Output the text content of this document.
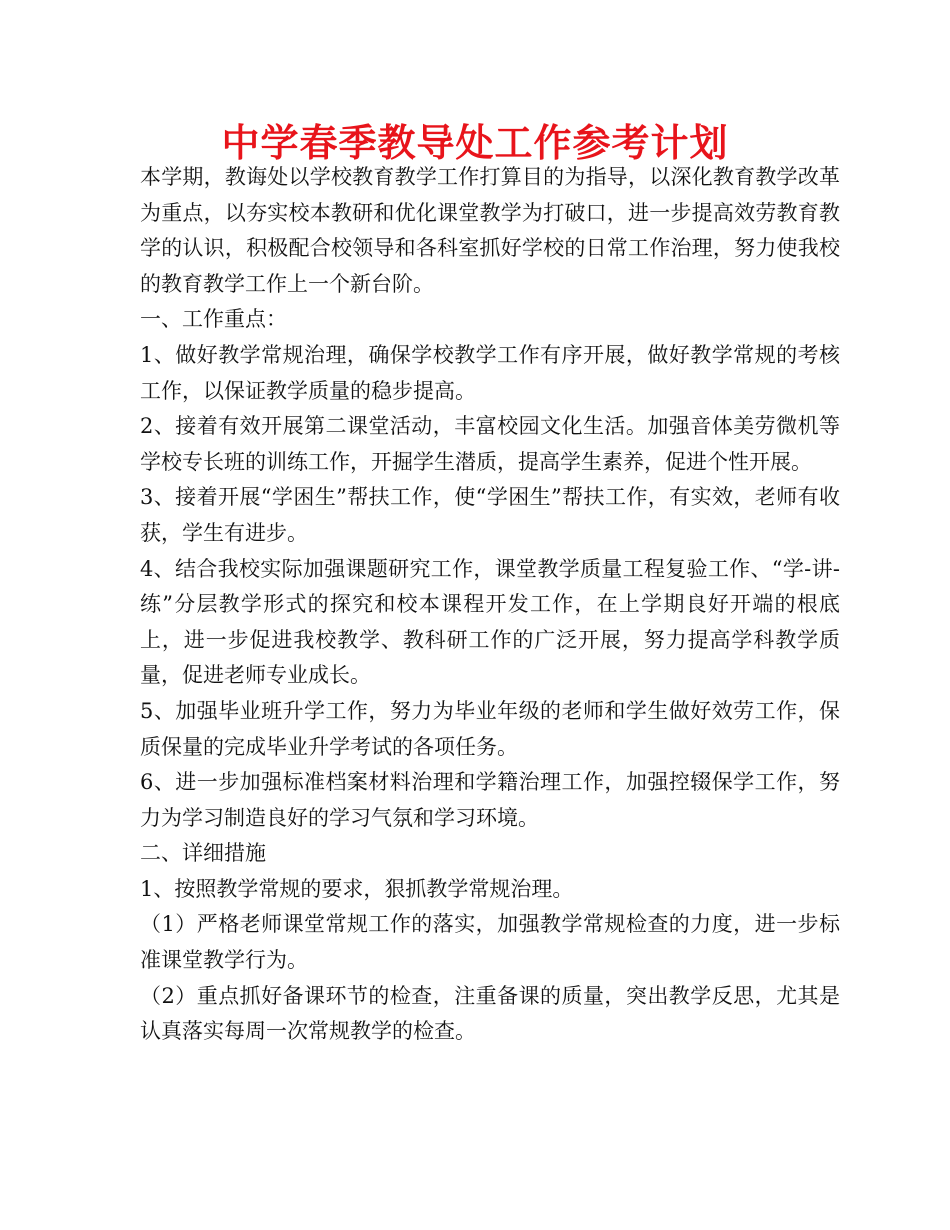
中学春季教导处工作参考计划

本学期，教诲处以学校教育教学工作打算目的为指导，以深化教育教学改革为重点，以夯实校本教研和优化课堂教学为打破口，进一步提高效劳教育教学的认识，积极配合校领导和各科室抓好学校的日常工作治理，努力使我校的教育教学工作上一个新台阶。

一、工作重点：

1、做好教学常规治理，确保学校教学工作有序开展，做好教学常规的考核工作，以保证教学质量的稳步提高。

2、接着有效开展第二课堂活动，丰富校园文化生活。加强音体美劳微机等学校专长班的训练工作，开掘学生潜质，提高学生素养，促进个性开展。

3、接着开展“学困生”帮扶工作，使“学困生”帮扶工作，有实效，老师有收获，学生有进步。

4、结合我校实际加强课题研究工作，课堂教学质量工程复验工作、“学-讲-练”分层教学形式的探究和校本课程开发工作，在上学期良好开端的根底上，进一步促进我校教学、教科研工作的广泛开展，努力提高学科教学质量，促进老师专业成长。

5、加强毕业班升学工作，努力为毕业年级的老师和学生做好效劳工作，保质保量的完成毕业升学考试的各项任务。

6、进一步加强标准档案材料治理和学籍治理工作，加强控辍保学工作，努力为学习制造良好的学习气氛和学习环境。

二、详细措施

1、按照教学常规的要求，狠抓教学常规治理。

（1）严格老师课堂常规工作的落实，加强教学常规检查的力度，进一步标准课堂教学行为。

（2）重点抓好备课环节的检查，注重备课的质量，突出教学反思，尤其是认真落实每周一次常规教学的检查。
